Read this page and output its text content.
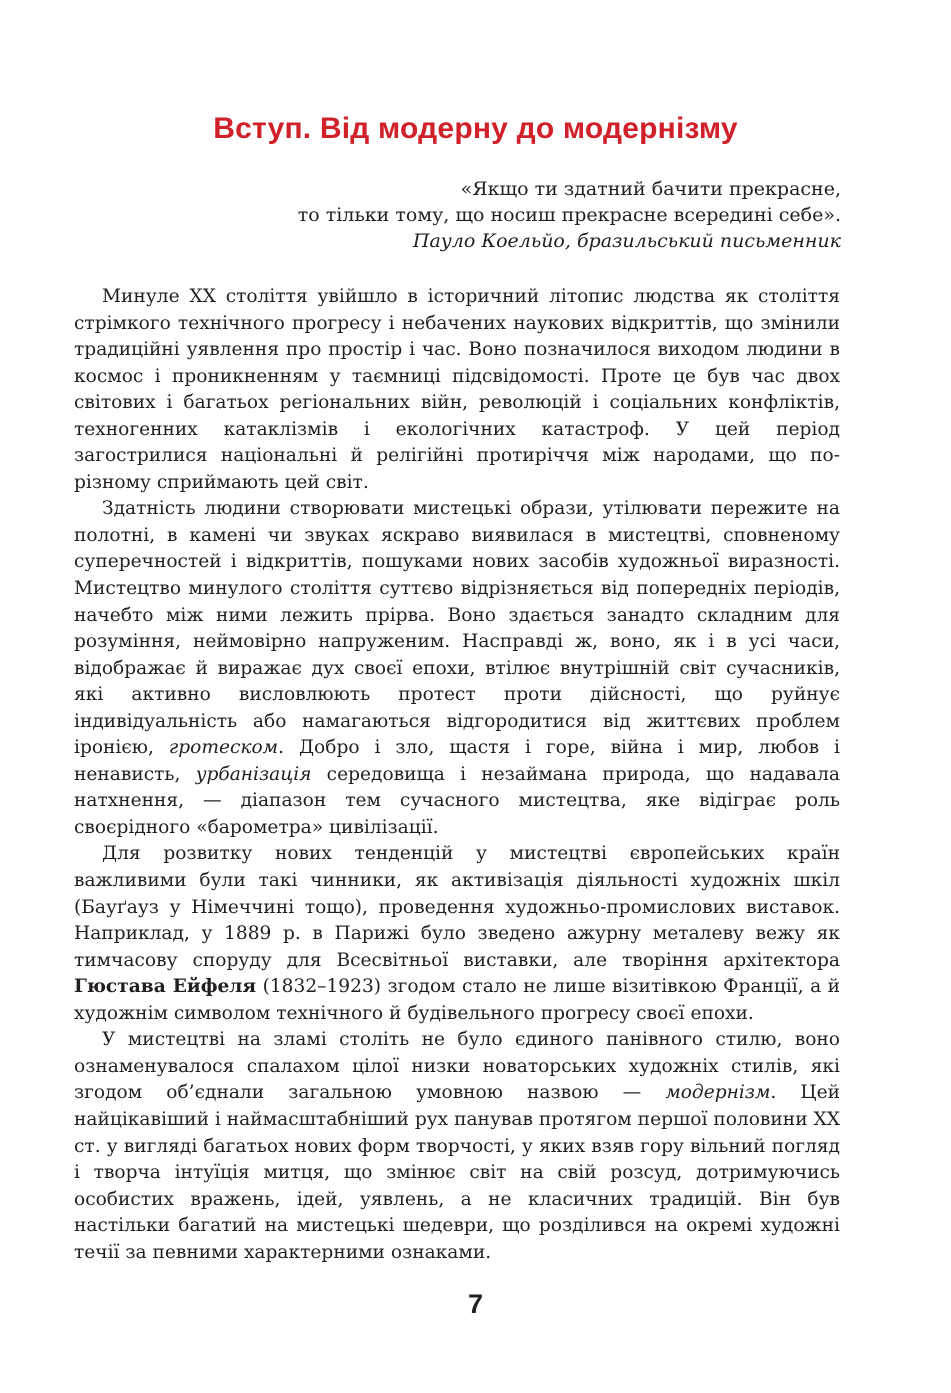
Вступ. Від модерну до модернізму
«Якщо ти здатний бачити прекрасне,
то тільки тому, що носиш прекрасне всередині себе».
Пауло Коельйо, бразильський письменник

Минуле XX століття увійшло в історичний літопис людства як століття стрімкого технічного прогресу і небачених наукових відкриттів, що змінили традиційні уявлення про простір і час. Воно позначилося виходом людини в космос і проникненням у таємниці підсвідомості. Проте це був час двох світових і багатьох регіональних війн, революцій і соціальних конфліктів, техногенних катаклізмів і екологічних катастроф. У цей період загострилися національні й релігійні протиріччя між народами, що по-різному сприймають цей світ.

Здатність людини створювати мистецькі образи, утілювати пережите на полотні, в камені чи звуках яскраво виявилася в мистецтві, сповненому суперечностей і відкриттів, пошуками нових засобів художньої виразності. Мистецтво минулого століття суттєво відрізняється від попередніх періодів, начебто між ними лежить прірва. Воно здається занадто складним для розуміння, неймовірно напруженим. Насправді ж, воно, як і в усі часи, відображає й виражає дух своєї епохи, втілює внутрішній світ сучасників, які активно висловлюють протест проти дійсності, що руйнує індивідуальність або намагаються відгородитися від життєвих проблем іронією, гротеском. Добро і зло, щастя і горе, війна і мир, любов і ненависть, урбанізація середовища і незаймана природа, що надавала натхнення, — діапазон тем сучасного мистецтва, яке відіграє роль своєрідного «барометра» цивілізації.

Для розвитку нових тенденцій у мистецтві європейських країн важливими були такі чинники, як активізація діяльності художніх шкіл (Бауґауз у Німеччині тощо), проведення художньо-промислових виставок. Наприклад, у 1889 р. в Парижі було зведено ажурну металеву вежу як тимчасову споруду для Всесвітньої виставки, але творіння архітектора Гюстава Ейфеля (1832–1923) згодом стало не лише візитівкою Франції, а й художнім символом технічного й будівельного прогресу своєї епохи.

У мистецтві на зламі століть не було єдиного панівного стилю, воно ознаменувалося спалахом цілої низки новаторських художніх стилів, які згодом об’єднали загальною умовною назвою — модернізм. Цей найцікавіший і наймасштабніший рух панував протягом першої половини XX ст. у вигляді багатьох нових форм творчості, у яких взяв гору вільний погляд і творча інтуїція митця, що змінює світ на свій розсуд, дотримуючись особистих вражень, ідей, уявлень, а не класичних традицій. Він був настільки багатий на мистецькі шедеври, що розділився на окремі художні течії за певними характерними ознаками.

7
